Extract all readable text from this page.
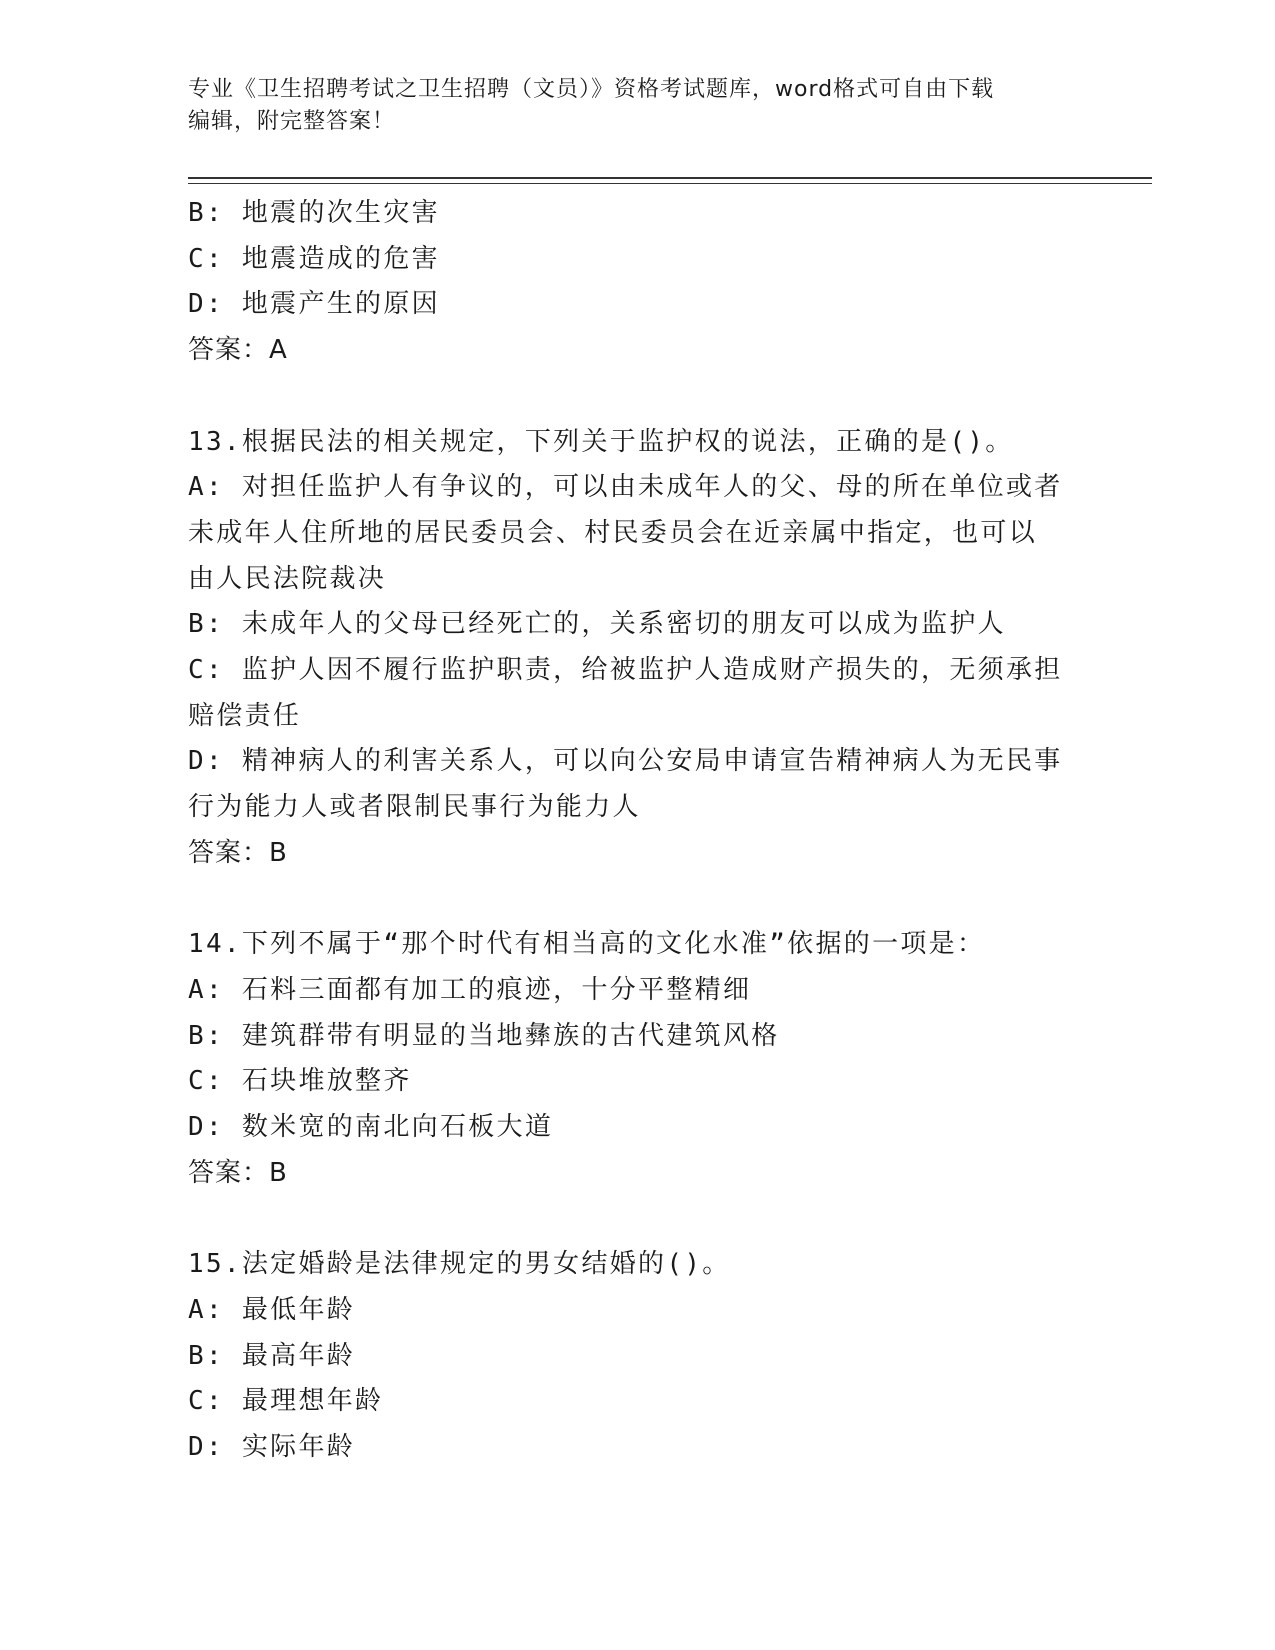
专业《卫生招聘考试之卫生招聘（文员）》资格考试题库，word格式可自由下载

编辑，附完整答案！

B: 地震的次生灾害

C: 地震造成的危害

D: 地震产生的原因

答案：A

13.根据民法的相关规定，下列关于监护权的说法，正确的是()。

A: 对担任监护人有争议的，可以由未成年人的父、母的所在单位或者

未成年人住所地的居民委员会、村民委员会在近亲属中指定，也可以

由人民法院裁决

B: 未成年人的父母已经死亡的，关系密切的朋友可以成为监护人

C: 监护人因不履行监护职责，给被监护人造成财产损失的，无须承担

赔偿责任

D: 精神病人的利害关系人，可以向公安局申请宣告精神病人为无民事

行为能力人或者限制民事行为能力人

答案：B

14.下列不属于“那个时代有相当高的文化水准”依据的一项是：

A: 石料三面都有加工的痕迹，十分平整精细

B: 建筑群带有明显的当地彝族的古代建筑风格

C: 石块堆放整齐

D: 数米宽的南北向石板大道

答案：B

15.法定婚龄是法律规定的男女结婚的()。

A: 最低年龄

B: 最高年龄

C: 最理想年龄

D: 实际年龄
